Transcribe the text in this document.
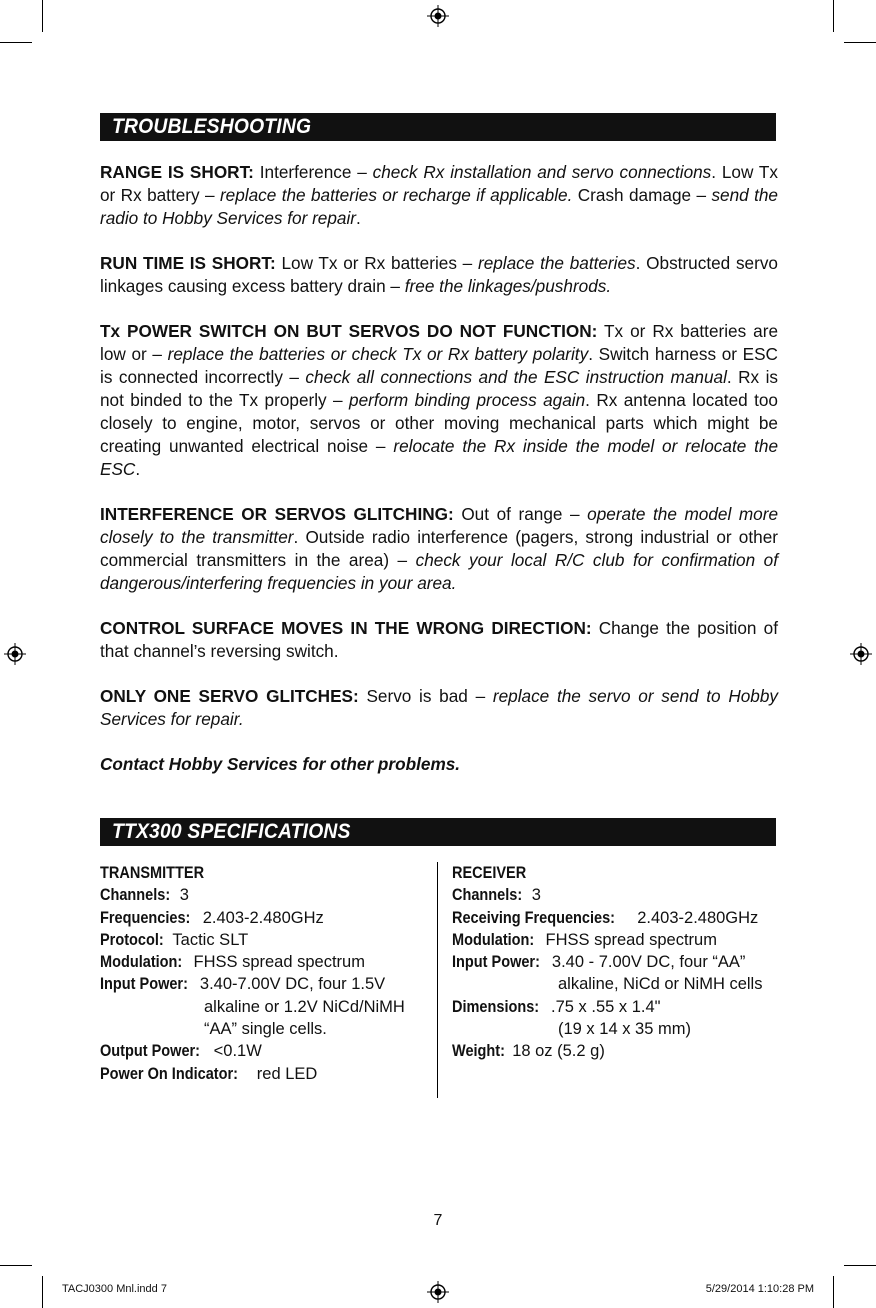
TROUBLESHOOTING

RANGE IS SHORT: Interference – check Rx installation and servo connections. Low Tx or Rx battery – replace the batteries or recharge if applicable. Crash damage – send the radio to Hobby Services for repair.

RUN TIME IS SHORT: Low Tx or Rx batteries – replace the batteries. Obstructed servo linkages causing excess battery drain – free the linkages/pushrods.

Tx POWER SWITCH ON BUT SERVOS DO NOT FUNCTION: Tx or Rx batteries are low or – replace the batteries or check Tx or Rx battery polarity. Switch harness or ESC is connected incorrectly – check all connections and the ESC instruction manual. Rx is not binded to the Tx properly – perform binding process again. Rx antenna located too closely to engine, motor, servos or other moving mechanical parts which might be creating unwanted electrical noise – relocate the Rx inside the model or relocate the ESC.

INTERFERENCE OR SERVOS GLITCHING: Out of range – operate the model more closely to the transmitter. Outside radio interference (pagers, strong industrial or other commercial transmitters in the area) – check your local R/C club for confirmation of dangerous/interfering frequencies in your area.

CONTROL SURFACE MOVES IN THE WRONG DIRECTION: Change the position of that channel’s reversing switch.

ONLY ONE SERVO GLITCHES: Servo is bad – replace the servo or send to Hobby Services for repair.

Contact Hobby Services for other problems.

TTX300 SPECIFICATIONS
TRANSMITTER
Channels: 3
Frequencies: 2.403-2.480GHz
Protocol: Tactic SLT
Modulation: FHSS spread spectrum
Input Power: 3.40-7.00V DC, four 1.5V
alkaline or 1.2V NiCd/NiMH
“AA” single cells.
Output Power: <0.1W
Power On Indicator: red LED
RECEIVER
Channels: 3
Receiving Frequencies: 2.403-2.480GHz
Modulation: FHSS spread spectrum
Input Power: 3.40 - 7.00V DC, four “AA”
alkaline, NiCd or NiMH cells
Dimensions: .75 x .55 x 1.4"
(19 x 14 x 35 mm)
Weight: 18 oz (5.2 g)
7
TACJ0300 Mnl.indd 7	5/29/2014 1:10:28 PM
